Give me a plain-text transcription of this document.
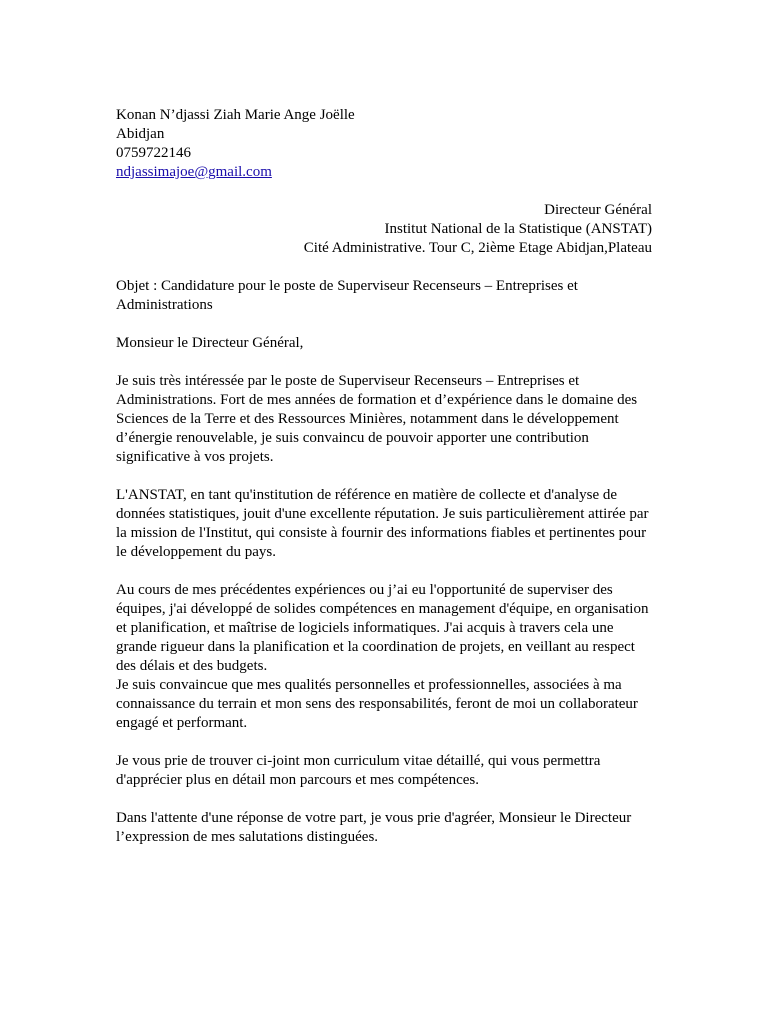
Konan N’djassi Ziah Marie Ange Joëlle
Abidjan
0759722146
ndjassimajoe@gmail.com
Directeur Général
Institut National de la Statistique (ANSTAT)
Cité Administrative. Tour C, 2ième Etage Abidjan,Plateau

Objet : Candidature pour le poste de Superviseur Recenseurs – Entreprises et Administrations

Monsieur le Directeur Général,

Je suis très intéressée par le poste de Superviseur Recenseurs – Entreprises et Administrations. Fort de mes années de formation et d’expérience dans le domaine des Sciences de la Terre et des Ressources Minières, notamment dans le développement d’énergie renouvelable, je suis convaincu de pouvoir apporter une contribution significative à vos projets.

L'ANSTAT, en tant qu'institution de référence en matière de collecte et d'analyse de données statistiques, jouit d'une excellente réputation. Je suis particulièrement attirée par la mission de l'Institut, qui consiste à fournir des informations fiables et pertinentes pour le développement du pays.

Au cours de mes précédentes expériences ou j’ai eu l'opportunité de superviser des équipes, j'ai développé de solides compétences en management d'équipe, en organisation et planification, et maîtrise de logiciels informatiques. J'ai acquis à travers cela une grande rigueur dans la planification et la coordination de projets, en veillant au respect des délais et des budgets.

Je suis convaincue que mes qualités personnelles et professionnelles, associées à ma connaissance du terrain et mon sens des responsabilités, feront de moi un collaborateur engagé et performant.

Je vous prie de trouver ci-joint mon curriculum vitae détaillé, qui vous permettra d'apprécier plus en détail mon parcours et mes compétences.

Dans l'attente d'une réponse de votre part, je vous prie d'agréer, Monsieur le Directeur l’expression de mes salutations distinguées.
